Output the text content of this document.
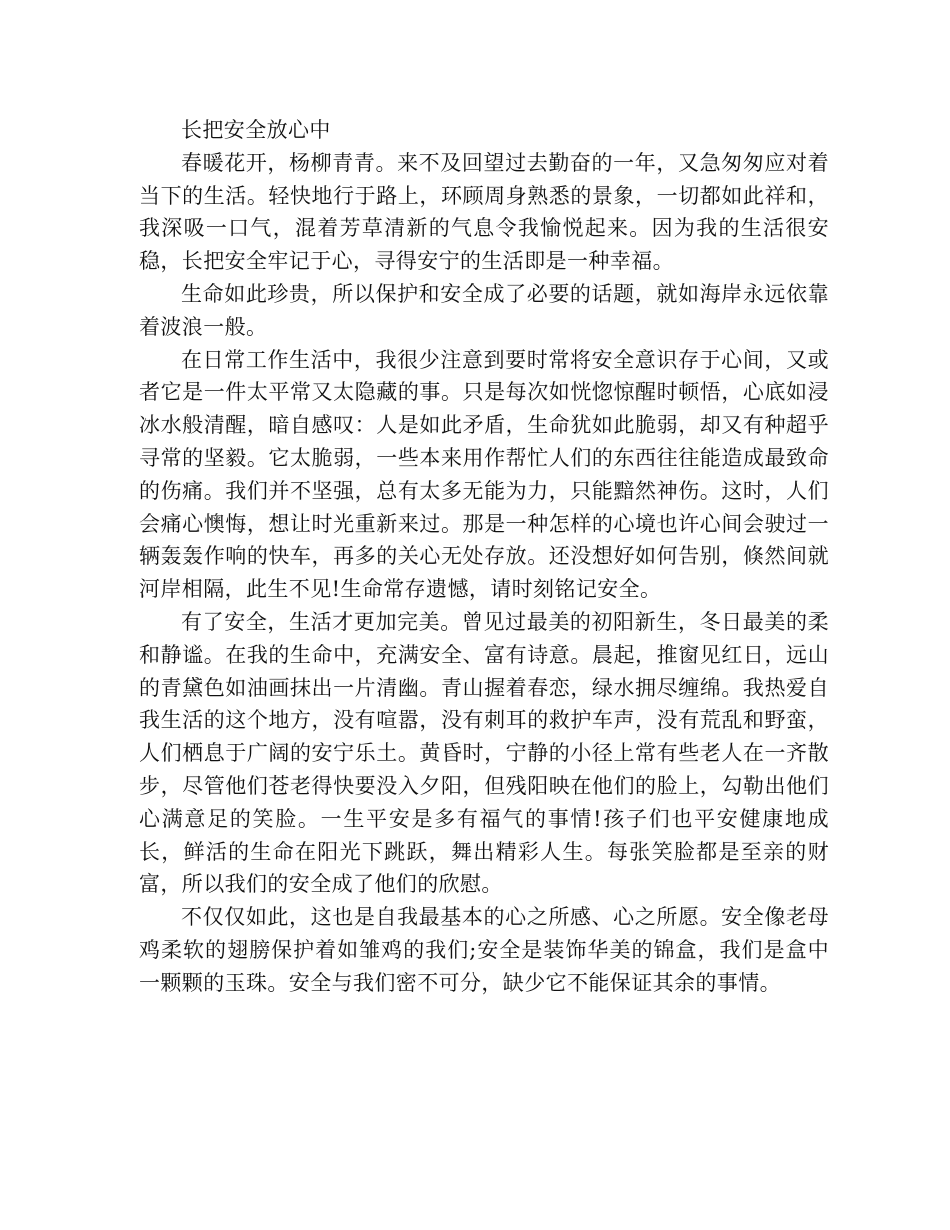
长把安全放心中

春暖花开，杨柳青青。来不及回望过去勤奋的一年，又急匆匆应对着当下的生活。轻快地行于路上，环顾周身熟悉的景象，一切都如此祥和，我深吸一口气，混着芳草清新的气息令我愉悦起来。因为我的生活很安稳，长把安全牢记于心，寻得安宁的生活即是一种幸福。

生命如此珍贵，所以保护和安全成了必要的话题，就如海岸永远依靠着波浪一般。

在日常工作生活中，我很少注意到要时常将安全意识存于心间，又或者它是一件太平常又太隐藏的事。只是每次如恍惚惊醒时顿悟，心底如浸冰水般清醒，暗自感叹：人是如此矛盾，生命犹如此脆弱，却又有种超乎寻常的坚毅。它太脆弱，一些本来用作帮忙人们的东西往往能造成最致命的伤痛。我们并不坚强，总有太多无能为力，只能黯然神伤。这时，人们会痛心懊悔，想让时光重新来过。那是一种怎样的心境也许心间会驶过一辆轰轰作响的快车，再多的关心无处存放。还没想好如何告别，倏然间就河岸相隔，此生不见!生命常存遗憾，请时刻铭记安全。

有了安全，生活才更加完美。曾见过最美的初阳新生，冬日最美的柔和静谧。在我的生命中，充满安全、富有诗意。晨起，推窗见红日，远山的青黛色如油画抹出一片清幽。青山握着春恋，绿水拥尽缠绵。我热爱自我生活的这个地方，没有喧嚣，没有刺耳的救护车声，没有荒乱和野蛮，人们栖息于广阔的安宁乐土。黄昏时，宁静的小径上常有些老人在一齐散步，尽管他们苍老得快要没入夕阳，但残阳映在他们的脸上，勾勒出他们心满意足的笑脸。一生平安是多有福气的事情!孩子们也平安健康地成长，鲜活的生命在阳光下跳跃，舞出精彩人生。每张笑脸都是至亲的财富，所以我们的安全成了他们的欣慰。

不仅仅如此，这也是自我最基本的心之所感、心之所愿。安全像老母鸡柔软的翅膀保护着如雏鸡的我们;安全是装饰华美的锦盒，我们是盒中一颗颗的玉珠。安全与我们密不可分，缺少它不能保证其余的事情。
